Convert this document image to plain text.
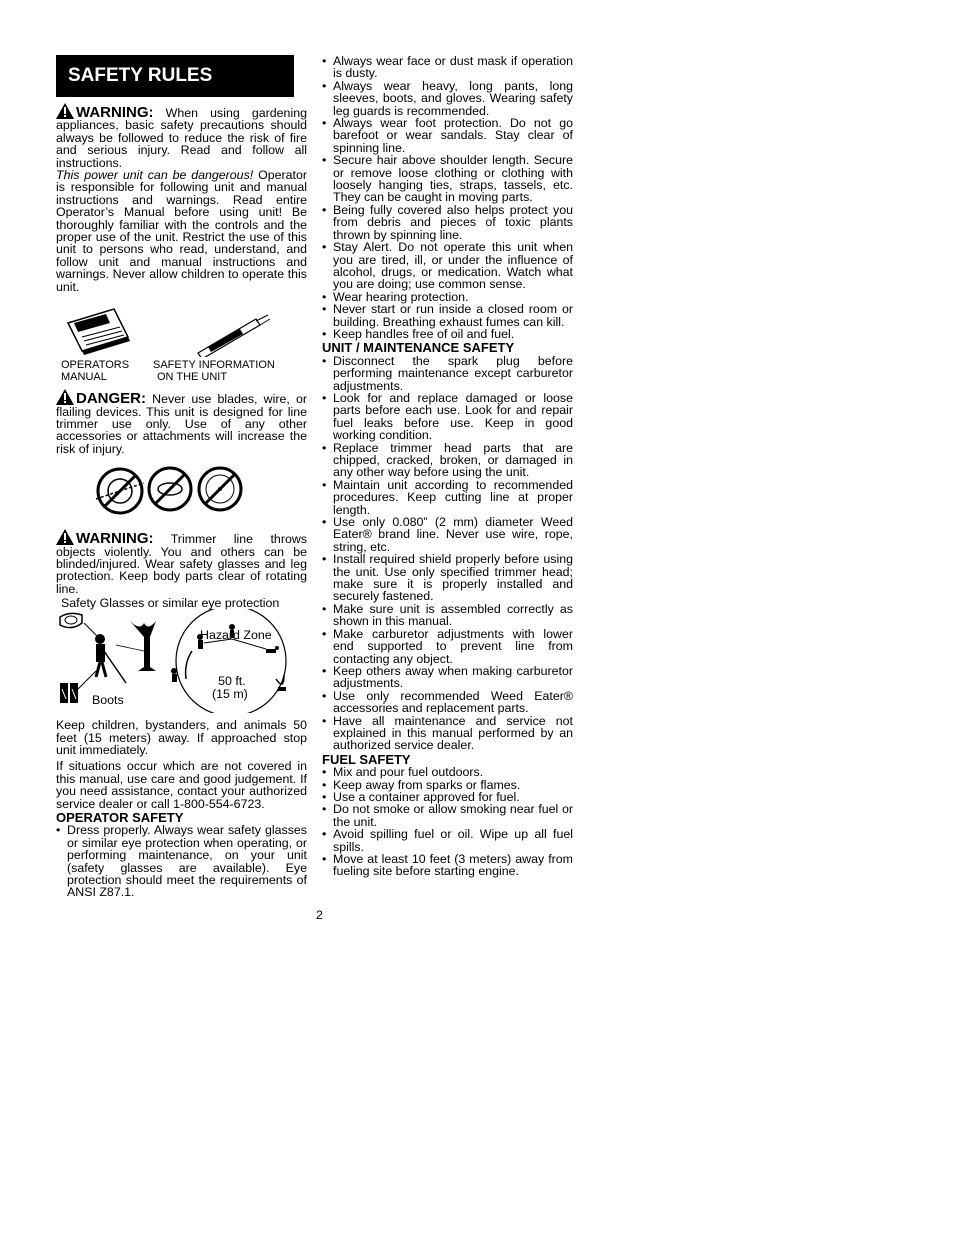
SAFETY RULES

WARNING: When using gardening appliances, basic safety precautions should always be followed to reduce the risk of fire and serious injury. Read and follow all instructions.

This power unit can be dangerous! Operator is responsible for following unit and manual instructions and warnings. Read entire Operator’s Manual before using unit! Be thoroughly familiar with the controls and the proper use of the unit. Restrict the use of this unit to persons who read, understand, and follow unit and manual instructions and warnings. Never allow children to operate this unit.

OPERATORS
MANUAL
SAFETY INFORMATION
ON THE UNIT

DANGER: Never use blades, wire, or flailing devices. This unit is designed for line trimmer use only. Use of any other accessories or attachments will increase the risk of injury.

WARNING: Trimmer line throws objects violently. You and others can be blinded/injured. Wear safety glasses and leg protection. Keep body parts clear of rotating line.

Safety Glasses or similar eye protection
Hazard Zone
Boots
50 ft.
(15 m)

Keep children, bystanders, and animals 50 feet (15 meters) away. If approached stop unit immediately.

If situations occur which are not covered in this manual, use care and good judgement. If you need assistance, contact your authorized service dealer or call 1-800-554-6723.

OPERATOR SAFETY
• Dress properly. Always wear safety glasses or similar eye protection when operating, or performing maintenance, on your unit (safety glasses are available). Eye protection should meet the requirements of ANSI Z87.1.
• Always wear face or dust mask if operation is dusty.
• Always wear heavy, long pants, long sleeves, boots, and gloves. Wearing safety leg guards is recommended.
• Always wear foot protection. Do not go barefoot or wear sandals. Stay clear of spinning line.
• Secure hair above shoulder length. Secure or remove loose clothing or clothing with loosely hanging ties, straps, tassels, etc. They can be caught in moving parts.
• Being fully covered also helps protect you from debris and pieces of toxic plants thrown by spinning line.
• Stay Alert. Do not operate this unit when you are tired, ill, or under the influence of alcohol, drugs, or medication. Watch what you are doing; use common sense.
• Wear hearing protection.
• Never start or run inside a closed room or building. Breathing exhaust fumes can kill.
• Keep handles free of oil and fuel.
UNIT / MAINTENANCE SAFETY
• Disconnect the spark plug before performing maintenance except carburetor adjustments.
• Look for and replace damaged or loose parts before each use. Look for and repair fuel leaks before use. Keep in good working condition.
• Replace trimmer head parts that are chipped, cracked, broken, or damaged in any other way before using the unit.
• Maintain unit according to recommended procedures. Keep cutting line at proper length.
• Use only 0.080” (2 mm) diameter Weed Eater® brand line. Never use wire, rope, string, etc.
• Install required shield properly before using the unit. Use only specified trimmer head; make sure it is properly installed and securely fastened.
• Make sure unit is assembled correctly as shown in this manual.
• Make carburetor adjustments with lower end supported to prevent line from contacting any object.
• Keep others away when making carburetor adjustments.
• Use only recommended Weed Eater® accessories and replacement parts.
• Have all maintenance and service not explained in this manual performed by an authorized service dealer.
FUEL SAFETY
• Mix and pour fuel outdoors.
• Keep away from sparks or flames.
• Use a container approved for fuel.
• Do not smoke or allow smoking near fuel or the unit.
• Avoid spilling fuel or oil. Wipe up all fuel spills.
• Move at least 10 feet (3 meters) away from fueling site before starting engine.
2
